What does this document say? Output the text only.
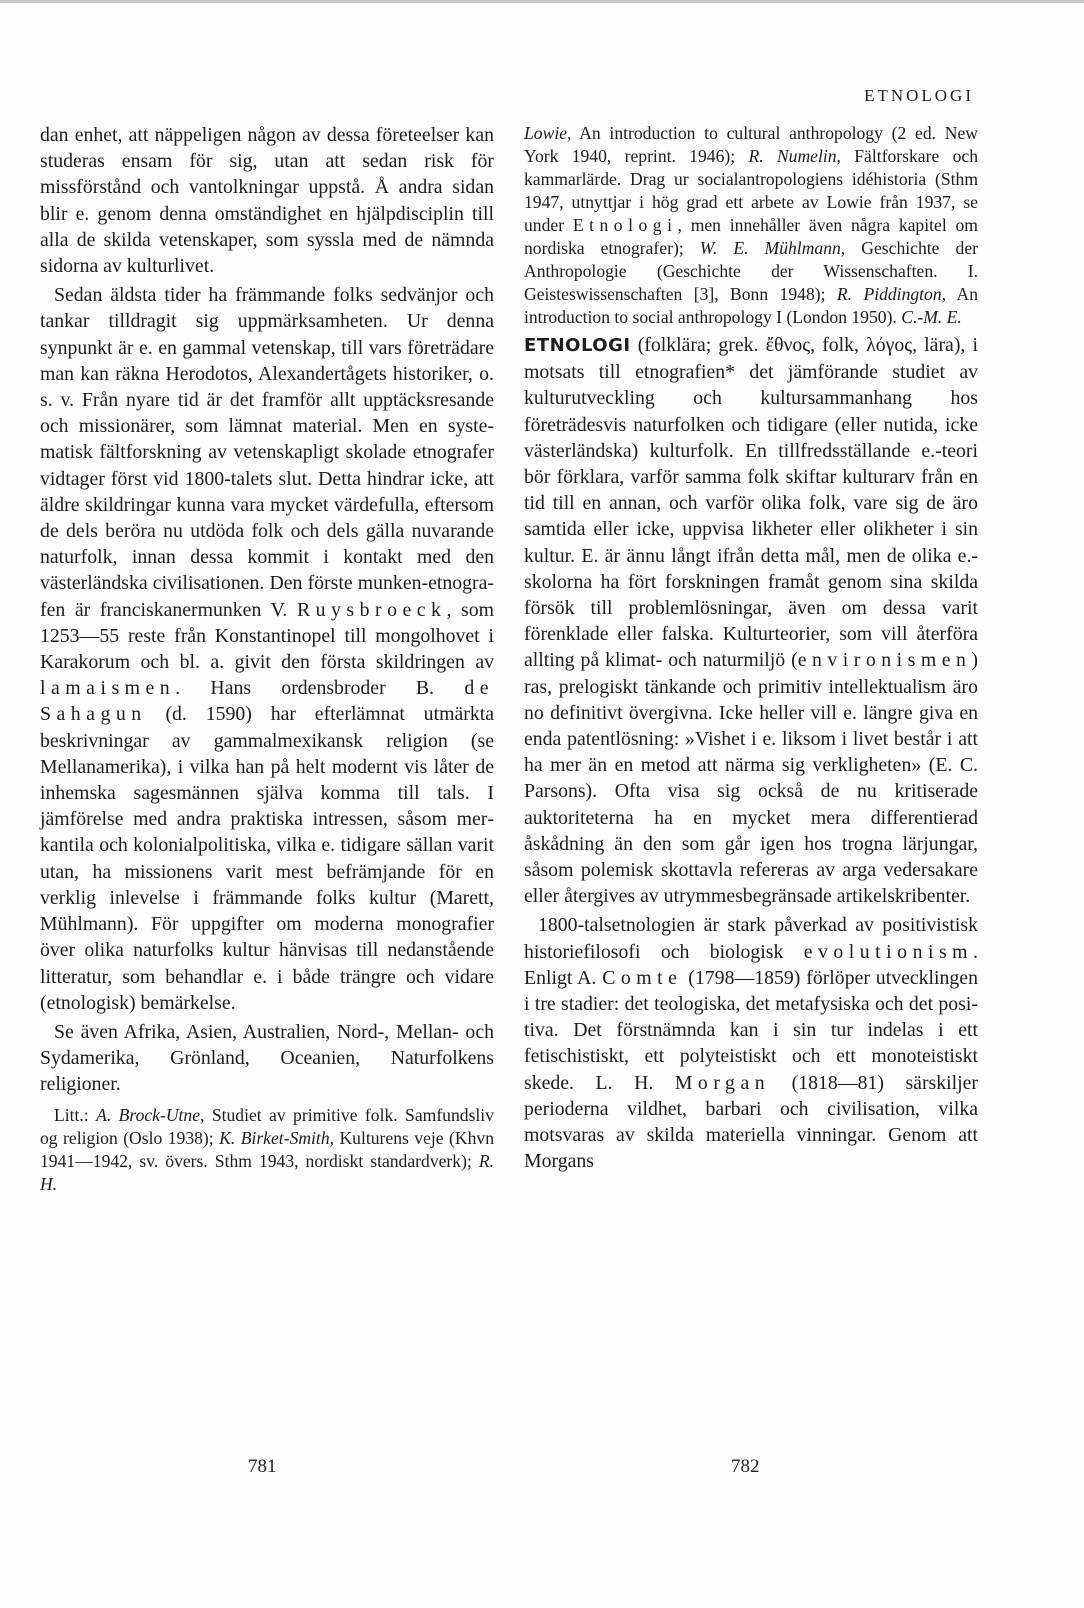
ETNOLOGI

dan enhet, att näppeligen någon av dessa företeelser kan studeras ensam för sig, utan att sedan risk för missförstånd och vantolkningar uppstå. Å andra sidan blir e. genom denna omständighet en hjälpdisciplin till alla de skilda vetenskaper, som syssla med de nämnda sidorna av kulturlivet.

Sedan äldsta tider ha främmande folks sedvänjor och tankar tilldragit sig uppmärksamheten. Ur denna synpunkt är e. en gammal vetenskap, till vars företrädare man kan räkna Herodotos, Alexandertågets historiker, o. s. v. Från nyare tid är det framför allt upptäcksresande och missionärer, som lämnat material. Men en systematisk fältforskning av vetenskapligt skolade etnografer vidtager först vid 1800-talets slut. Detta hindrar icke, att äldre skildringar kunna vara mycket värdefulla, eftersom de dels beröra nu utdöda folk och dels gälla nuvarande naturfolk, innan dessa kommit i kontakt med den västerländska civilisationen. Den förste munken-etnografen är franciskanermunken V. Ruysbroeck, som 1253—55 reste från Konstantinopel till mongolhovet i Karakorum och bl. a. givit den första skildringen av lamaismen. Hans ordensbroder B. de Sahagun (d. 1590) har efterlämnat utmärkta beskrivningar av gammalmexikansk religion (se Mellanamerika), i vilka han på helt modernt vis låter de inhemska sagesmännen själva komma till tals. I jämförelse med andra praktiska intressen, såsom merkantila och kolonialpolitiska, vilka e. tidigare sällan varit utan, ha missionens varit mest befrämjande för en verklig inlevelse i främmande folks kultur (Marett, Mühlmann). För uppgifter om moderna monografier över olika naturfolks kultur hänvisas till nedanstående litteratur, som behandlar e. i både trängre och vidare (etnologisk) bemärkelse.

Se även Afrika, Asien, Australien, Nord-, Mellan- och Sydamerika, Grönland, Oceanien, Naturfolkens religioner.

Litt.: A. Brock-Utne, Studiet av primitive folk. Samfundsliv og religion (Oslo 1938); K. Birket-Smith, Kulturens veje (Khvn 1941—1942, sv. övers. Sthm 1943, nordiskt standardverk); R. H.

Lowie, An introduction to cultural anthropology (2 ed. New York 1940, reprint. 1946); R. Numelin, Fältforskare och kammarlärde. Drag ur socialantropologiens idéhistoria (Sthm 1947, utnyttjar i hög grad ett arbete av Lowie från 1937, se under Etnologi, men innehåller även några kapitel om nordiska etnografer); W. E. Mühlmann, Geschichte der Anthropologie (Geschichte der Wissenschaften. I. Geisteswissenschaften [3], Bonn 1948); R. Piddington, An introduction to social anthropology I (London 1950). C.-M. E.

ETNOLOGI (folklära; grek. ἔθνος, folk, λόγος, lära), i motsats till etnografien* det jämförande studiet av kulturutveckling och kultursammanhang hos företrädesvis naturfolken och tidigare (eller nutida, icke västerländska) kulturfolk. En tillfredsställande e.-teori bör förklara, varför samma folk skiftar kulturarv från en tid till en annan, och varför olika folk, vare sig de äro samtida eller icke, uppvisa likheter eller olikheter i sin kultur. E. är ännu långt ifrån detta mål, men de olika e.-skolorna ha fört forskningen framåt genom sina skilda försök till problemlösningar, även om dessa varit förenklade eller falska. Kulturteorier, som vill återföra allting på klimat- och naturmiljö (environismen) ras, prelogiskt tänkande och primitiv intellektualism äro no definitivt övergivna. Icke heller vill e. längre giva en enda patentlösning: »Vishet i e. liksom i livet består i att ha mer än en metod att närma sig verkligheten» (E. C. Parsons). Ofta visa sig också de nu kritiserade auktoriteterna ha en mycket mera differentierad åskådning än den som går igen hos trogna lärjungar, såsom polemisk skottavla refereras av arga vedersakare eller återgives av utrymmesbegränsade artikelskribenter.

1800-talsetnologien är stark påverkad av positivistisk historiefilosofi och biologisk evolutionism. Enligt A. Comte (1798—1859) förlöper utvecklingen i tre stadier: det teologiska, det metafysiska och det positiva. Det förstnämnda kan i sin tur indelas i ett fetischistiskt, ett polyteistiskt och ett monoteistiskt skede. L. H. Morgan (1818—81) särskiljer perioderna vildhet, barbari och civilisation, vilka motsvaras av skilda materiella vinningar. Genom att Morgans

781	782
